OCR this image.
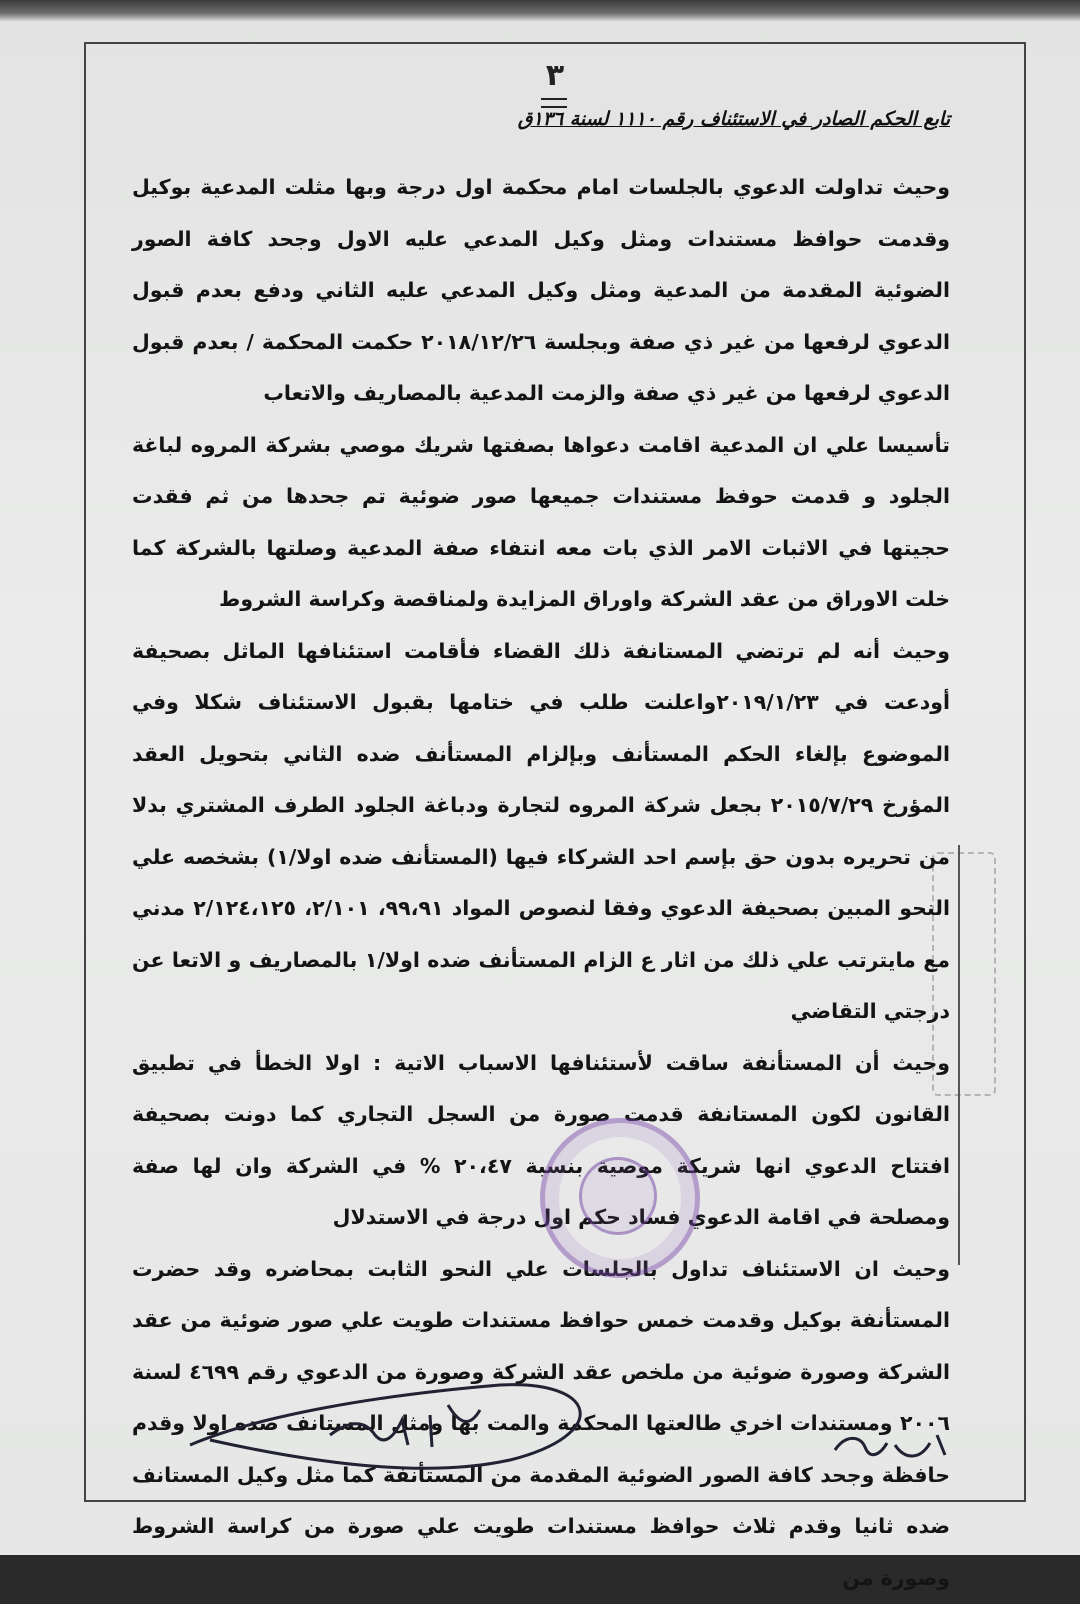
٣
تابع الحكم الصادر في الاستئناف رقم ١١١٠ لسنة ١٣٦ق

وحيث تداولت الدعوي بالجلسات امام محكمة اول درجة وبها مثلت المدعية بوكيل وقدمت حوافظ مستندات ومثل وكيل المدعي عليه الاول وجحد كافة الصور الضوئية المقدمة من المدعية ومثل وكيل المدعي عليه الثاني ودفع بعدم قبول الدعوي لرفعها من غير ذي صفة وبجلسة ٢٠١٨/١٢/٢٦ حكمت المحكمة / بعدم قبول الدعوي لرفعها من غير ذي صفة والزمت المدعية بالمصاريف والاتعاب

تأسيسا علي ان المدعية اقامت دعواها بصفتها شريك موصي بشركة المروه لباغة الجلود و قدمت حوفظ مستندات جميعها صور ضوئية تم جحدها من ثم فقدت حجيتها في الاثبات الامر الذي بات معه انتفاء صفة المدعية وصلتها بالشركة كما خلت الاوراق من عقد الشركة واوراق المزايدة ولمناقصة وكراسة الشروط

وحيث أنه لم ترتضي المستانفة ذلك القضاء فأقامت استئنافها الماثل بصحيفة أودعت في ٢٠١٩/١/٢٣واعلنت طلب في ختامها بقبول الاستئناف شكلا وفي الموضوع بإلغاء الحكم المستأنف وبإلزام المستأنف ضده الثاني بتحويل العقد المؤرخ ٢٠١٥/٧/٢٩ بجعل شركة المروه لتجارة ودباغة الجلود الطرف المشتري بدلا من تحريره بدون حق بإسم احد الشركاء فيها (المستأنف ضده اولا/١) بشخصه علي النحو المبين بصحيفة الدعوي وفقا لنصوص المواد ٩٩،٩١، ٢/١٠١، ٢/١٢٤،١٢٥ مدني مع مايترتب علي ذلك من اثار ع الزام المستأنف ضده اولا/١ بالمصاريف و الاتعا عن درجتي التقاضي

وحيث أن المستأنفة ساقت لأستئنافها الاسباب الاتية : اولا الخطأ في تطبيق القانون لكون المستانفة قدمت صورة من السجل التجاري كما دونت بصحيفة افتتاح الدعوي انها شريكة موصية بنسبة ٢٠،٤٧ % في الشركة وان لها صفة ومصلحة في اقامة الدعوي فساد حكم اول درجة في الاستدلال

وحيث ان الاستئناف تداول بالجلسات علي النحو الثابت بمحاضره وقد حضرت المستأنفة بوكيل وقدمت خمس حوافظ مستندات طويت علي صور ضوئية من عقد الشركة وصورة ضوئية من ملخص عقد الشركة وصورة من الدعوي رقم ٤٦٩٩ لسنة ٢٠٠٦ ومستندات اخري طالعتها المحكمة والمت بها ومثل المستانف ضده اولا وقدم حافظة وجحد كافة الصور الضوئية المقدمة من المستأنفة كما مثل وكيل المستانف ضده ثانيا وقدم ثلاث حوافظ مستندات طويت علي صورة من كراسة الشروط وصورة من
